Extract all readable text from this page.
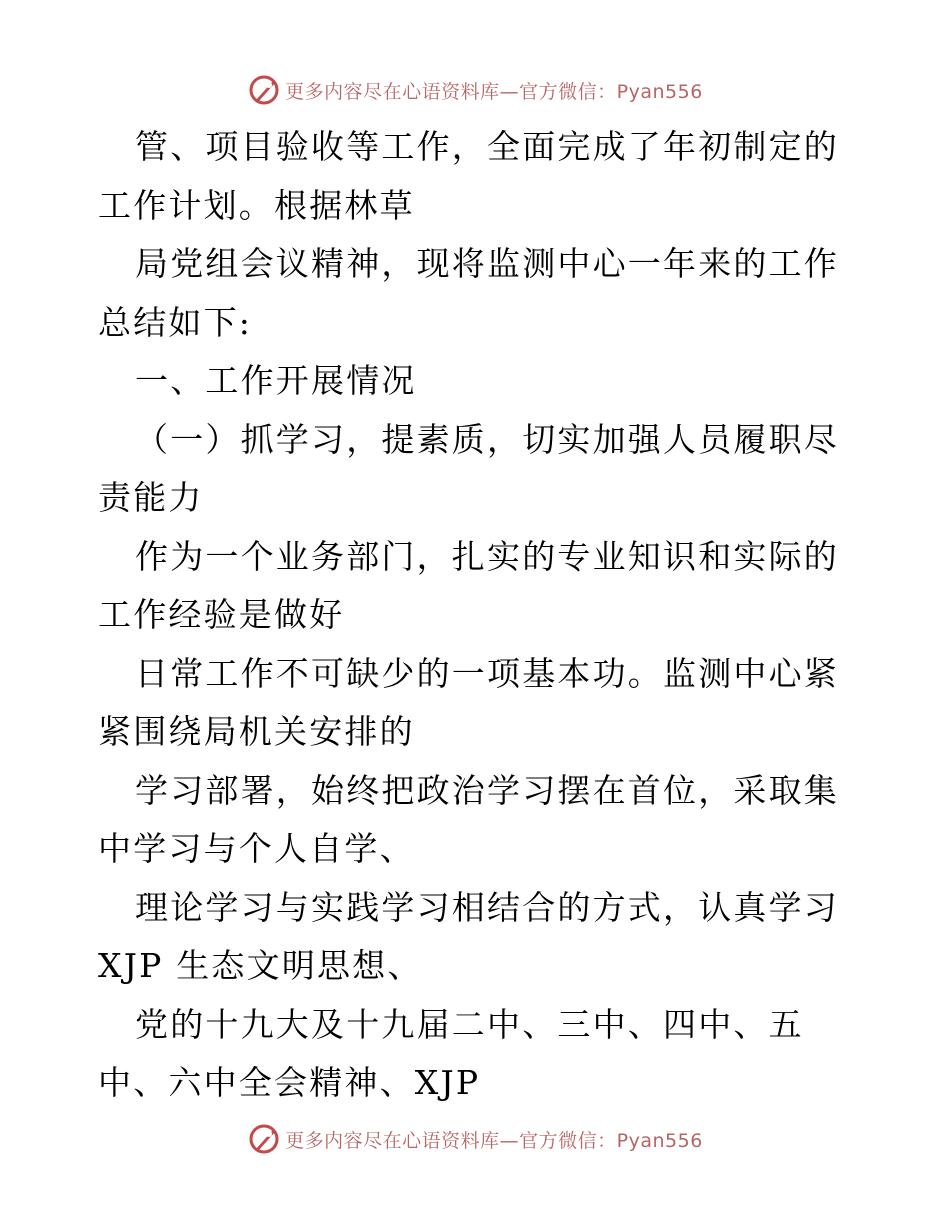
更多内容尽在心语资料库—官方微信：Pyan556

管、项目验收等工作，全面完成了年初制定的工作计划。根据林草

局党组会议精神，现将监测中心一年来的工作总结如下:

一、工作开展情况

（一）抓学习，提素质，切实加强人员履职尽责能力

作为一个业务部门，扎实的专业知识和实际的工作经验是做好

日常工作不可缺少的一项基本功。监测中心紧紧围绕局机关安排的

学习部署，始终把政治学习摆在首位，采取集中学习与个人自学、

理论学习与实践学习相结合的方式，认真学习XJP 生态文明思想、

党的十九大及十九届二中、三中、四中、五中、六中全会精神、XJP

更多内容尽在心语资料库—官方微信：Pyan556
